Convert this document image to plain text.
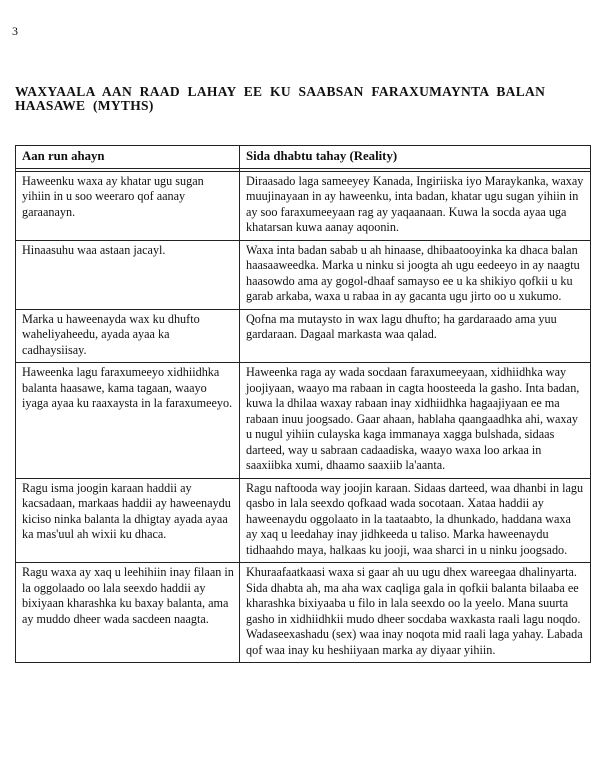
3
WAXYAALA AAN RAAD LAHAY EE KU SAABSAN FARAXUMAYNTA BALAN HAASAWE (MYTHS)
Aan run ahayn	Sida dhabtu tahay (Reality)

Haweenku waxa ay khatar ugu sugan yihiin in u soo weeraro qof aanay garaanayn.	Diraasado laga sameeyey Kanada, Ingiriiska iyo Maraykanka, waxay muujinayaan in ay haweenku, inta badan, khatar ugu sugan yihiin in ay soo faraxumeeyaan rag ay yaqaanaan. Kuwa la socda ayaa uga khatarsan kuwa aanay aqoonin.
Hinaasuhu waa astaan jacayl.	Waxa inta badan sabab u ah hinaase, dhibaatooyinka ka dhaca balan haasaaweedka. Marka u ninku si joogta ah ugu eedeeyo in ay naagtu haasowdo ama ay gogol-dhaaf samayso ee u ka shikiyo qofkii u ku garab arkaba, waxa u rabaa in ay gacanta ugu jirto oo u xukumo.
Marka u haweenayda wax ku dhufto waheliyaheedu, ayada ayaa ka cadhaysiisay.	Qofna ma mutaysto in wax lagu dhufto; ha gardaraado ama yuu gardaraan. Dagaal markasta waa qalad.
Haweenka lagu faraxumeeyo xidhiidhka balanta haasawe, kama tagaan, waayo iyaga ayaa ku raaxaysta in la faraxumeeyo.	Haweenka raga ay wada socdaan faraxumeeyaan, xidhiidhka way joojiyaan, waayo ma rabaan in cagta hoosteeda la gasho. Inta badan, kuwa la dhilaa waxay rabaan inay xidhiidhka hagaajiyaan ee ma rabaan inuu joogsado. Gaar ahaan, hablaha qaangaadhka ahi, waxay u nugul yihiin culayska kaga immanaya xagga bulshada, sidaas darteed, way u sabraan cadaadiska, waayo waxa loo arkaa in saaxiibka xumi, dhaamo saaxiib la'aanta.
Ragu isma joogin karaan haddii ay kacsadaan, markaas haddii ay haweenaydu kiciso ninka balanta la dhigtay ayada ayaa ka mas'uul ah wixii ku dhaca.	Ragu naftooda way joojin karaan. Sidaas darteed, waa dhanbi in lagu qasbo in lala seexdo qofkaad wada socotaan. Xataa haddii ay haweenaydu oggolaato in la taataabto, la dhunkado, haddana waxa ay xaq u leedahay inay jidhkeeda u taliso. Marka haweenaydu tidhaahdo maya, halkaas ku jooji, waa sharci in u ninku joogsado.
Ragu waxa ay xaq u leehihiin inay filaan in la oggolaado oo lala seexdo haddii ay bixiyaan kharashka ku baxay balanta, ama ay muddo dheer wada sacdeen naagta.	Khuraafaatkaasi waxa si gaar ah uu ugu dhex wareegaa dhalinyarta. Sida dhabta ah, ma aha wax caqliga gala in qofkii balanta bilaaba ee kharashka bixiyaaba u filo in lala seexdo oo la yeelo. Mana suurta gasho in xidhiidhkii mudo dheer socdaba waxkasta raali lagu noqdo. Wadaseexashadu (sex) waa inay noqota mid raali laga yahay. Labada qof waa inay ku heshiiyaan marka ay diyaar yihiin.
